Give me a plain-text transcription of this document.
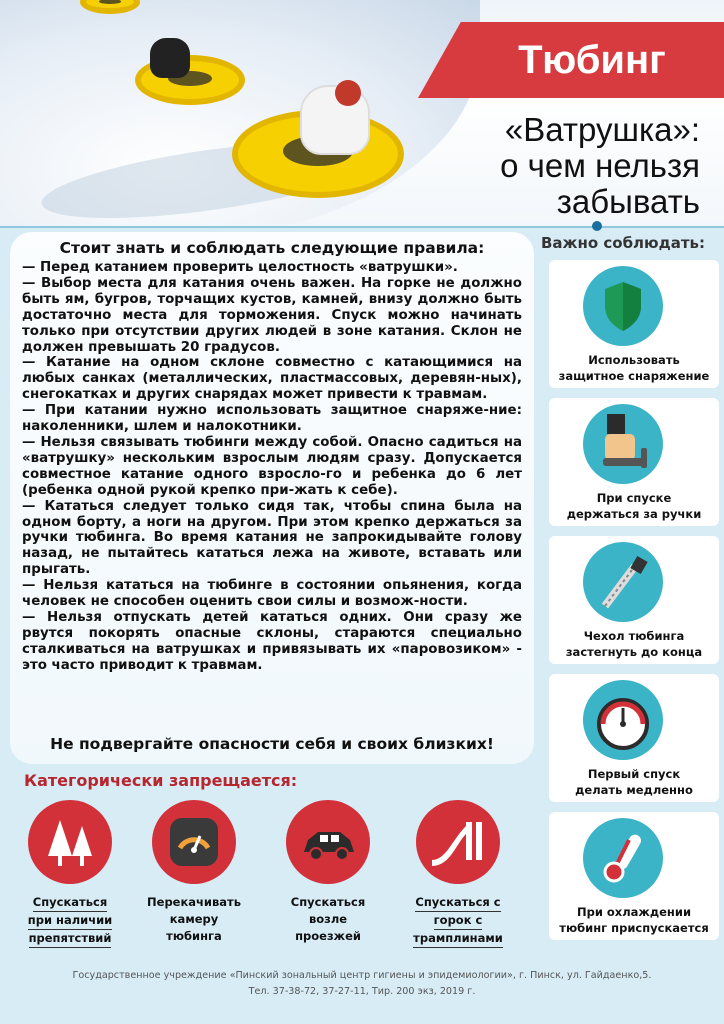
Тюбинг
«Ватрушка»:
о чем нельзя
забывать
Стоит знать и соблюдать следующие правила:

— Перед катанием проверить целостность «ватрушки».

— Выбор места для катания очень важен. На горке не должно быть ям, бугров, торчащих кустов, камней, внизу должно быть достаточно места для торможения. Спуск можно начинать только при отсутствии других людей в зоне катания. Склон не должен превышать 20 градусов.

— Катание на одном склоне совместно с катающимися на любых санках (металлических, пластмассовых, деревян-ных), снегокатках и других снарядах может привести к травмам.

— При катании нужно использовать защитное снаряже-ние: наколенники, шлем и налокотники.

— Нельзя связывать тюбинги между собой. Опасно садиться на «ватрушку» нескольким взрослым людям сразу. Допускается совместное катание одного взросло-го и ребенка до 6 лет (ребенка одной рукой крепко при-жать к себе).

— Кататься следует только сидя так, чтобы спина была на одном борту, а ноги на другом. При этом крепко держаться за ручки тюбинга. Во время катания не запрокидывайте голову назад, не пытайтесь кататься лежа на животе, вставать или прыгать.

— Нельзя кататься на тюбинге в состоянии опьянения, когда человек не способен оценить свои силы и возмож-ности.

— Нельзя отпускать детей кататься одних. Они сразу же рвутся покорять опасные склоны, стараются специально сталкиваться на ватрушках и привязывать их «паровозиком» - это часто приводит к травмам.

Не подвергайте опасности себя и своих близких!
Важно соблюдать:
Использовать
защитное снаряжение
При спуске
держаться за ручки
Чехол тюбинга
застегнуть до конца
Первый спуск
делать медленно
При охлаждении
тюбинг приспускается
Категорически запрещается:
Спускаться
при наличии
препятствий
Перекачивать
камеру
тюбинга
Спускаться
возле
проезжей
Спускаться с
горок с
трамплинами
Государственное учреждение «Пинский зональный центр гигиены и эпидемиологии», г. Пинск, ул. Гайдаенко,5.
Тел. 37-38-72, 37-27-11, Тир. 200 экз, 2019 г.
